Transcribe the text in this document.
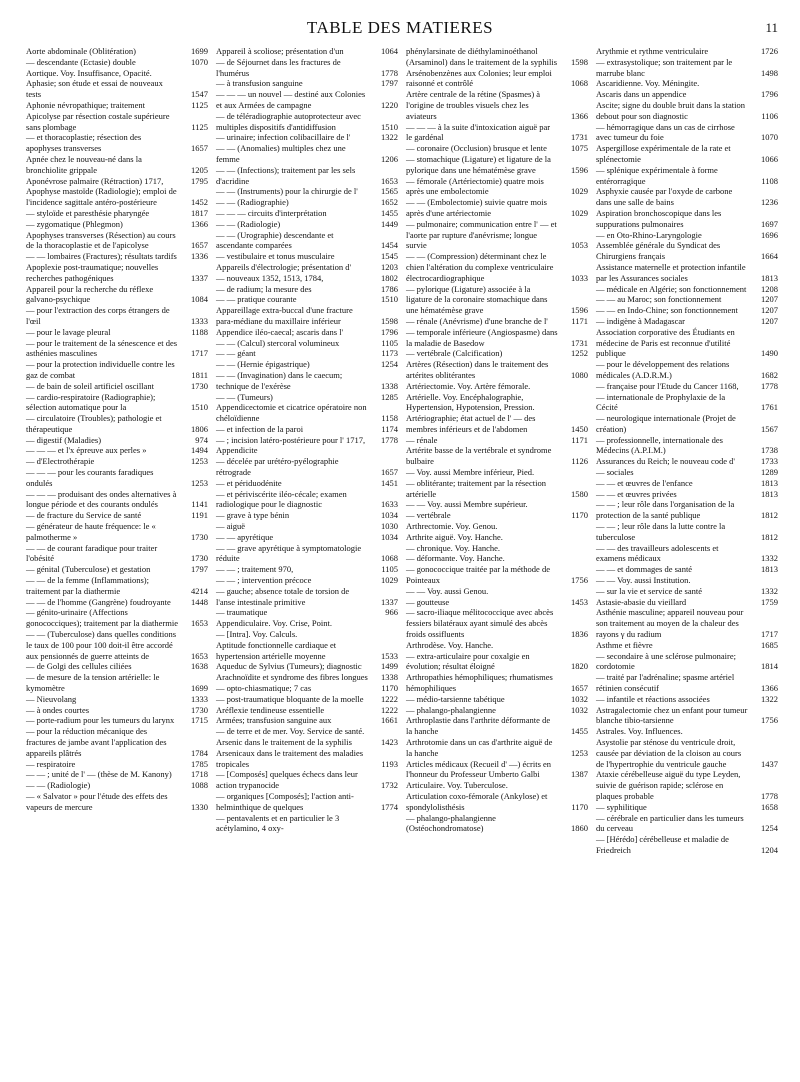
TABLE DES MATIERES	11
Aorte abdominale (Oblitération)	1699
— descendante (Ectasie) double	1070
Aortique. Voy. Insuffisance, Opacité.
Aphasie; son étude et essai de nouveaux tests	1547
Aphonie névropathique; traitement	1125
Apicolyse par résection costale supérieure sans plombage	1125
— et thoracoplastie; résection des apophyses transverses	1657
Apnée chez le nouveau-né dans la bronchiolite grippale	1205
Aponévrose palmaire (Rétraction) 1717,	1795
Apophyse mastoïde (Radiologie); emploi de l'incidence sagittale antéro-postérieure	1452
— styloïde et paresthésie pharyngée	1817
— zygomatique (Phlegmon)	1366
Apophyses transverses (Résection) au cours de la thoracoplastie et de l'apicolyse	1657
— — lombaires (Fractures); résultats tardifs	1336
Apoplexie post-traumatique; nouvelles recherches pathogéniques	1337
Appareil pour la recherche du réflexe galvano-psychique	1084
— pour l'extraction des corps étrangers de l'œil	1333
— pour le lavage pleural	1188
— pour le traitement de la sénescence et des asthénies masculines	1717
— pour la protection individuelle contre les gaz de combat	1811
— de bain de soleil artificiel oscillant	1730
— cardio-respiratoire (Radiographie); sélection automatique pour la	1510
— circulatoire (Troubles); pathologie et thérapeutique	1806
— digestif (Maladies)	974
— — — et l'x épreuve aux perles »	1494
— d'Electrothérapie	1253
— — — pour les courants faradiques ondulés	1253
— — — produisant des ondes alternatives à longue période et des courants ondulés	1141
— de fracture du Service de santé	1191
— générateur de haute fréquence: le « palmotherme »	1730
— — de courant faradique pour traiter l'obésité	1730
— génital (Tuberculose) et gestation	1797
— — de la femme (Inflammations); traitement par la diathermie	4214
— — de l'homme (Gangrène) foudroyante	1448
— génito-urinaire (Affections gonococciques); traitement par la diathermie	1653
— — (Tuberculose) dans quelles conditions le taux de 100 pour 100 doit-il être accordé aux pensionnés de guerre atteints de	1653
— de Golgi des cellules ciliées	1638
— de mesure de la tension artérielle: le kymomètre	1699
— Nieuvolang	1333
— à ondes courtes	1730
— porte-radium pour les tumeurs du larynx	1715
— pour la réduction mécanique des fractures de jambe avant l'application des appareils plâtrés	1784
— respiratoire	1785
— — ; unité de l' — (thèse de M. Kanony)	1718
— — (Radiologie)	1088
— « Salvator » pour l'étude des effets des vapeurs de mercure	1330
Appareil à scoliose; présentation d'un	1064
— de Séjournet dans les fractures de l'humérus	1778
— à transfusion sanguine	1797
— — — un nouvel — destiné aux Colonies et aux Armées de campagne	1220
— de téléradiographie autoprotecteur avec multiples dispositifs d'antidiffusion	1510
— urinaire; infection colibacillaire de l'	1322
— — (Anomalies) multiples chez une femme	1206
— — (Infections); traitement par les sels d'acridine	1653
— — (Instruments) pour la chirurgie de l'	1565
— — (Radiographie)	1652
— — — circuits d'interprétation	1455
— — (Radiologie)	1449
— — (Urographie) descendante et ascendante comparées	1454
— vestibulaire et tonus musculaire	1545
Appareils d'électrologie; présentation d'	1203
— nouveaux 1352, 1513, 1784,	1802
— de radium; la mesure des	1786
— — pratique courante	1510
Appareillage extra-buccal d'une fracture para-médiane du maxillaire inférieur	1598
Appendice iléo-caecal; ascaris dans l'	1796
— — (Calcul) stercoral volumineux	1105
— — géant	1173
— — (Hernie épigastrique)	1254
— — (Invagination) dans le caecum; technique de l'exérèse	1338
— — (Tumeurs)	1285
Appendicectomie et cicatrice opératoire non chéloïdienne	1158
— et infection de la paroi	1174
— ; incision latéro-postérieure pour l' 1717,	1778
Appendicite
— décelée par urétéro-pyélographie rétrograde	1657
— et périduodénite	1451
— et périviscérite iléo-cécale; examen radiologique pour le diagnostic	1633
— grave à type bénin	1034
— aiguë	1030
— — apyrétique	1034
— — grave apyrétique à symptomatologie réduite	1068
— — ; traitement 970,	1105
— — ; intervention précoce	1029
— gauche; absence totale de torsion de l'anse intestinale primitive	1337
— traumatique	966
Appendiculaire. Voy. Crise, Point.
— [Intra]. Voy. Calculs.
Aptitude fonctionnelle cardiaque et hypertension artérielle moyenne	1533
Aqueduc de Sylvius (Tumeurs); diagnostic	1499
Arachnoïdite et syndrome des fibres longues	1338
— opto-chiasmatique; 7 cas	1170
— post-traumatique bloquante de la moelle	1222
Aréflexie tendineuse essentielle	1222
Armées; transfusion sanguine aux	1661
— de terre et de mer. Voy. Service de santé.
Arsenic dans le traitement de la syphilis	1423
Arsenicaux dans le traitement des maladies tropicales	1193
— [Composés] quelques échecs dans leur action trypanocide	1732
— organiques [Composés]; l'action anti-helminthique de quelques	1774
— pentavalents et en particulier le 3 acétylamino, 4 oxy-
phénylarsinate de diéthylaminoéthanol (Arsaminol) dans le traitement de la syphilis	1598
Arsénobenzènes aux Colonies; leur emploi raisonné et contrôlé	1068
Artère centrale de la rétine (Spasmes) à l'origine de troubles visuels chez les aviateurs	1366
— — — à la suite d'intoxication aiguë par le gardénal	1731
— coronaire (Occlusion) brusque et lente	1075
— stomachique (Ligature) et ligature de la pylorique dans une hématémèse grave	1596
— fémorale (Artériectomie) quatre mois après une embolectomie	1029
— — (Embolectomie) suivie quatre mois après d'une artériectomie	1029
— pulmonaire; communication entre l' — et l'aorte par rupture d'anévrisme; longue survie	1053
— — (Compression) déterminant chez le chien l'altération du complexe ventriculaire électrocardiographique	1033
— pylorique (Ligature) associée à la ligature de la coronaire stomachique dans une hématémèse grave	1596
— rénale (Anévrisme) d'une branche de l'	1171
— temporale inférieure (Angiospasme) dans la maladie de Basedow	1731
— vertébrale (Calcification)	1252
Artères (Résection) dans le traitement des artérites oblitérantes	1080
Artériectomie. Voy. Artère fémorale.
Artérielle. Voy. Encéphalographie, Hypertension, Hypotension, Pression.
Artériographie; état actuel de l' — des membres inférieurs et de l'abdomen	1450
— rénale	1171
Artérite basse de la vertébrale et syndrome bulbaire	1126
— Voy. aussi Membre inférieur, Pied.
— oblitérante; traitement par la résection artérielle	1580
— — Voy. aussi Membre supérieur.
— vertébrale	1170
Arthrectomie. Voy. Genou.
Arthrite aiguë. Voy. Hanche.
— chronique. Voy. Hanche.
— déformante. Voy. Hanche.
— gonococcique traitée par la méthode de Pointeaux	1756
— — Voy. aussi Genou.
— goutteuse	1453
— sacro-iliaque mélitococcique avec abcès fessiers bilatéraux ayant simulé des abcès froids ossifluents	1836
Arthrodèse. Voy. Hanche.
— extra-articulaire pour coxalgie en évolution; résultat éloigné	1820
Arthropathies hémophiliques; rhumatismes hémophiliques	1657
— médio-tarsienne tabétique	1032
— phalango-phalangienne	1032
Arthroplastie dans l'arthrite déformante de la hanche	1455
Arthrotomie dans un cas d'arthrite aiguë de la hanche	1253
Articles médicaux (Recueil d' —) écrits en l'honneur du Professeur Umberto Galbi	1387
Articulaire. Voy. Tuberculose.
Articulation coxo-fémorale (Ankylose) et spondylolisthésis	1170
— phalango-phalangienne (Ostéochondromatose)	1860
Arythmie et rythme ventriculaire	1726
— extrasystolique; son traitement par le marrube blanc	1498
Ascaridienne. Voy. Méningite.
Ascaris dans un appendice	1796
Ascite; signe du double bruit dans la station debout pour son diagnostic	1106
— hémorragique dans un cas de cirrhose avec tumeur du foie	1070
Aspergillose expérimentale de la rate et splénectomie	1066
— splénique expérimentale à forme entérorragique	1108
Asphyxie causée par l'oxyde de carbone dans une salle de bains	1236
Aspiration bronchoscopique dans les suppurations pulmonaires	1697
— en Oto-Rhino-Laryngologie	1696
Assemblée générale du Syndicat des Chirurgiens français	1664
Assistance maternelle et protection infantile par les Assurances sociales	1813
— médicale en Algérie; son fonctionnement	1208
— — au Maroc; son fonctionnement	1207
— — en Indo-Chine; son fonctionnement	1207
— indigène à Madagascar	1207
Association corporative des Étudiants en médecine de Paris est reconnue d'utilité publique	1490
— pour le développement des relations médicales (A.D.R.M.)	1682
— française pour l'Etude du Cancer 1168,	1778
— internationale de Prophylaxie de la Cécité	1761
— neurologique internationale (Projet de création)	1567
— professionnelle, internationale des Médecins (A.P.I.M.)	1738
Assurances du Reich; le nouveau code d'	1733
— sociales	1289
— — et œuvres de l'enfance	1813
— — et œuvres privées	1813
— — ; leur rôle dans l'organisation de la protection de la santé publique	1812
— — ; leur rôle dans la lutte contre la tuberculose	1812
— — des travailleurs adolescents et examens médicaux	1332
— — et dommages de santé	1813
— — Voy. aussi Institution.
— sur la vie et service de santé	1332
Astasie-abasie du vieillard	1759
Asthénie masculine; appareil nouveau pour son traitement au moyen de la chaleur des rayons γ du radium	1717
Asthme et fièvre	1685
— secondaire à une sclérose pulmonaire; cordotomie	1814
— traité par l'adrénaline; spasme artériel rétinien consécutif	1366
— infantile et réactions associées	1322
Astragalectomie chez un enfant pour tumeur blanche tibio-tarsienne	1756
Astrales. Voy. Influences.
Asystolie par sténose du ventricule droit, causée par déviation de la cloison au cours de l'hypertrophie du ventricule gauche	1437
Ataxie cérébelleuse aiguë du type Leyden, suivie de guérison rapide; sclérose en plaques probable	1778
— syphilitique	1658
— cérébrale en particulier dans les tumeurs du cerveau	1254
— [Hérédo] cérébelleuse et maladie de Friedreich	1204
